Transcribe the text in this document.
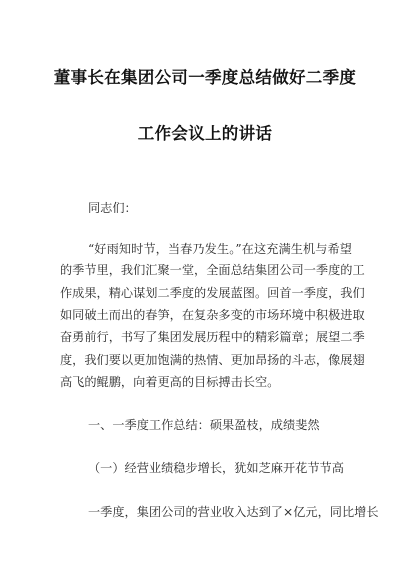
董事长在集团公司一季度总结做好二季度
工作会议上的讲话
同志们：
“好雨知时节，当春乃发生。”在这充满生机与希望
的季节里，我们汇聚一堂，全面总结集团公司一季度的工
作成果，精心谋划二季度的发展蓝图。回首一季度，我们
如同破土而出的春笋，在复杂多变的市场环境中积极进取
奋勇前行，书写了集团发展历程中的精彩篇章；展望二季
度，我们要以更加饱满的热情、更加昂扬的斗志，像展翅
高飞的鲲鹏，向着更高的目标搏击长空。
一、一季度工作总结：硕果盈枝，成绩斐然
（一）经营业绩稳步增长，犹如芝麻开花节节高
一季度，集团公司的营业收入达到了×亿元，同比增长
